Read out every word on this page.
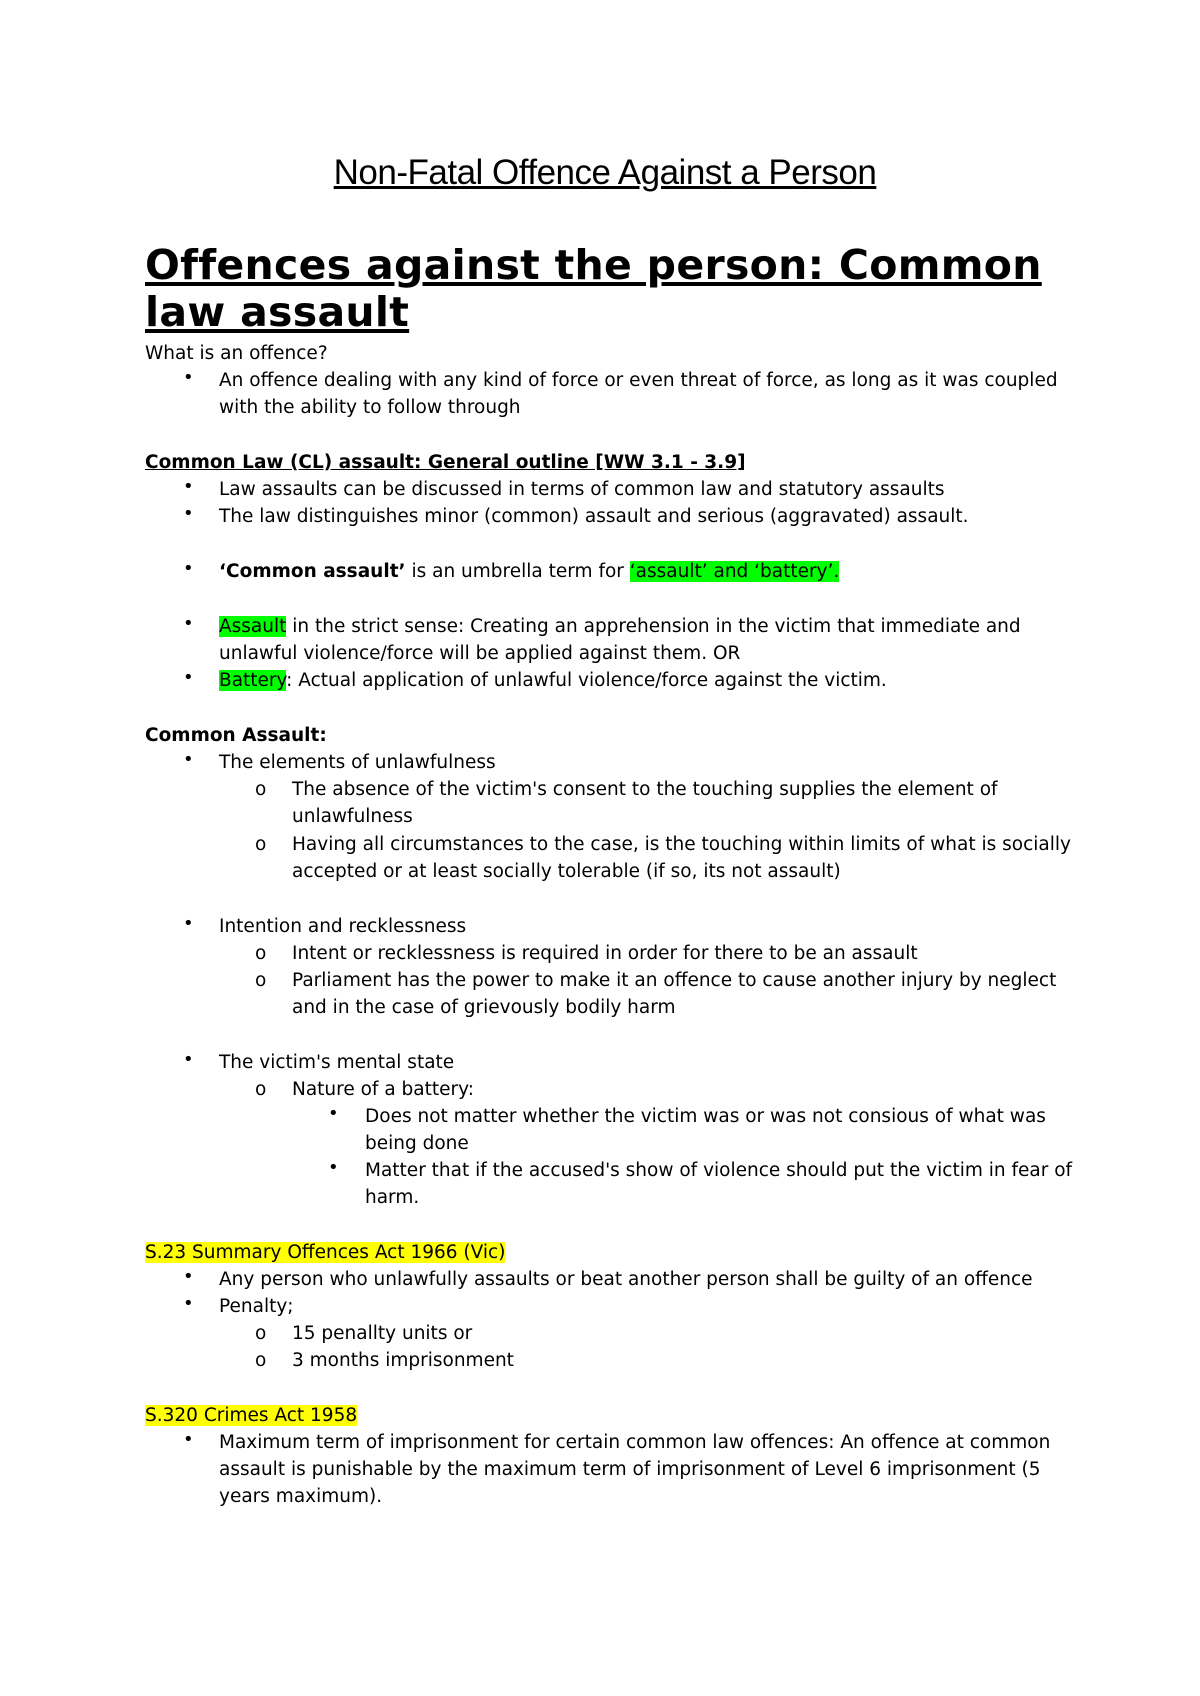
Non-Fatal Offence Against a Person
Offences against the person: Common
law assault
What is an offence?
• An offence dealing with any kind of force or even threat of force, as long as it was coupled
with the ability to follow through
Common Law (CL) assault: General outline [WW 3.1 - 3.9]
• Law assaults can be discussed in terms of common law and statutory assaults
• The law distinguishes minor (common) assault and serious (aggravated) assault.
• ‘Common assault’ is an umbrella term for ‘assault’ and ‘battery’.
• Assault in the strict sense: Creating an apprehension in the victim that immediate and
unlawful violence/force will be applied against them. OR
• Battery: Actual application of unlawful violence/force against the victim.
Common Assault:
• The elements of unlawfulness
o The absence of the victim's consent to the touching supplies the element of
unlawfulness
o Having all circumstances to the case, is the touching within limits of what is socially
accepted or at least socially tolerable (if so, its not assault)
• Intention and recklessness
o Intent or recklessness is required in order for there to be an assault
o Parliament has the power to make it an offence to cause another injury by neglect
and in the case of grievously bodily harm
• The victim's mental state
o Nature of a battery:
• Does not matter whether the victim was or was not consious of what was
being done
• Matter that if the accused's show of violence should put the victim in fear of
harm.
S.23 Summary Offences Act 1966 (Vic)
• Any person who unlawfully assaults or beat another person shall be guilty of an offence
• Penalty;
o 15 penallty units or
o 3 months imprisonment
S.320 Crimes Act 1958
• Maximum term of imprisonment for certain common law offences: An offence at common
assault is punishable by the maximum term of imprisonment of Level 6 imprisonment (5
years maximum).
